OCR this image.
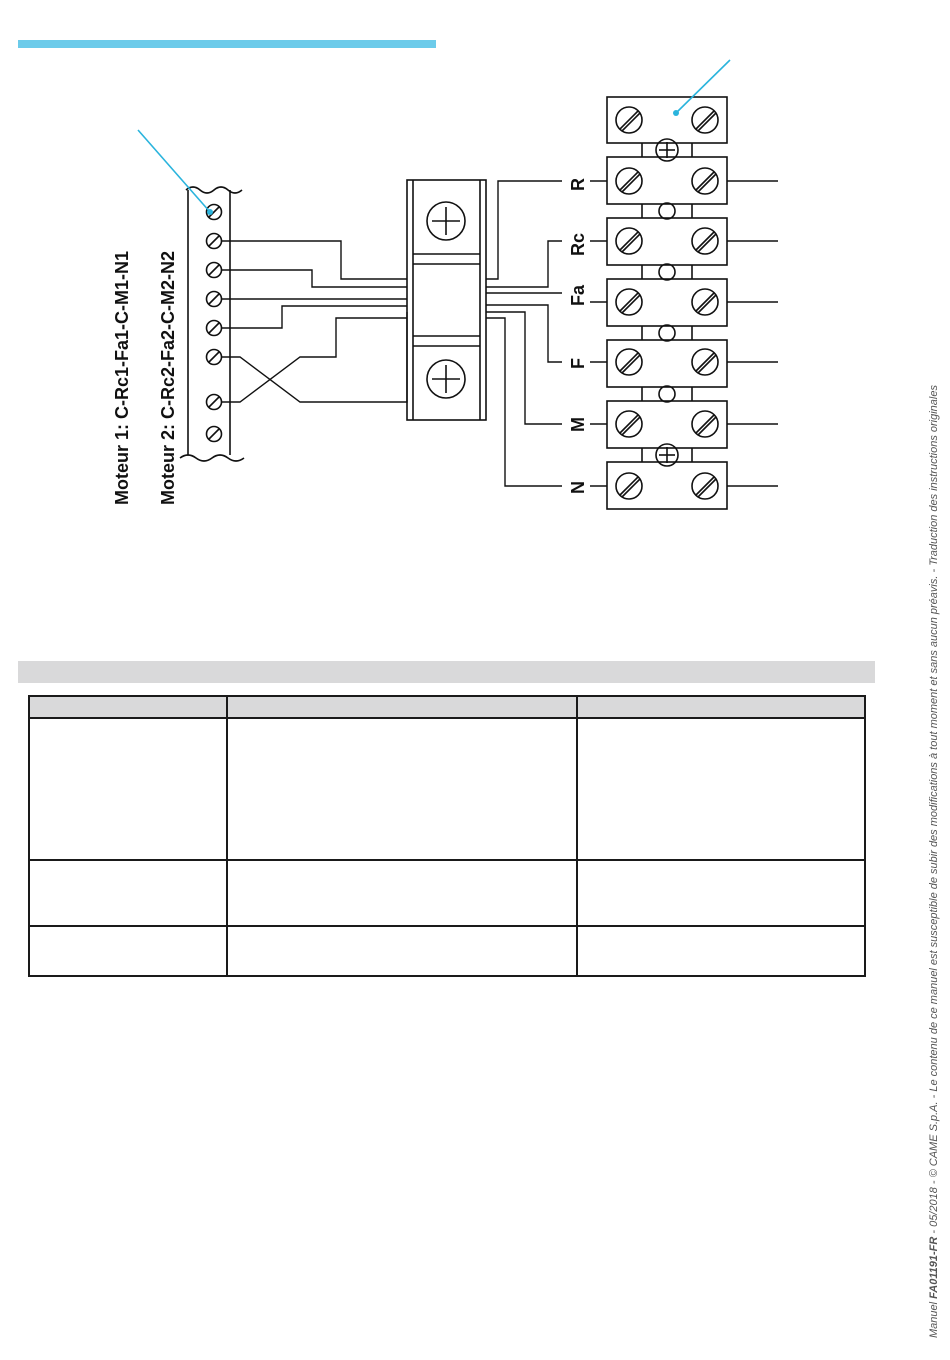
Moteur 1: C-Rc1-Fa1-C-M1-N1 Moteur 2: C-Rc2-Fa2-C-M2-N2
R
Rc
Fa
F
M
N

Manuel FA01191-FR - 05/2018 - © CAME S.p.A. - Le contenu de ce manuel est susceptible de subir des modifications à tout moment et sans aucun préavis. - Traduction des instructions originales
